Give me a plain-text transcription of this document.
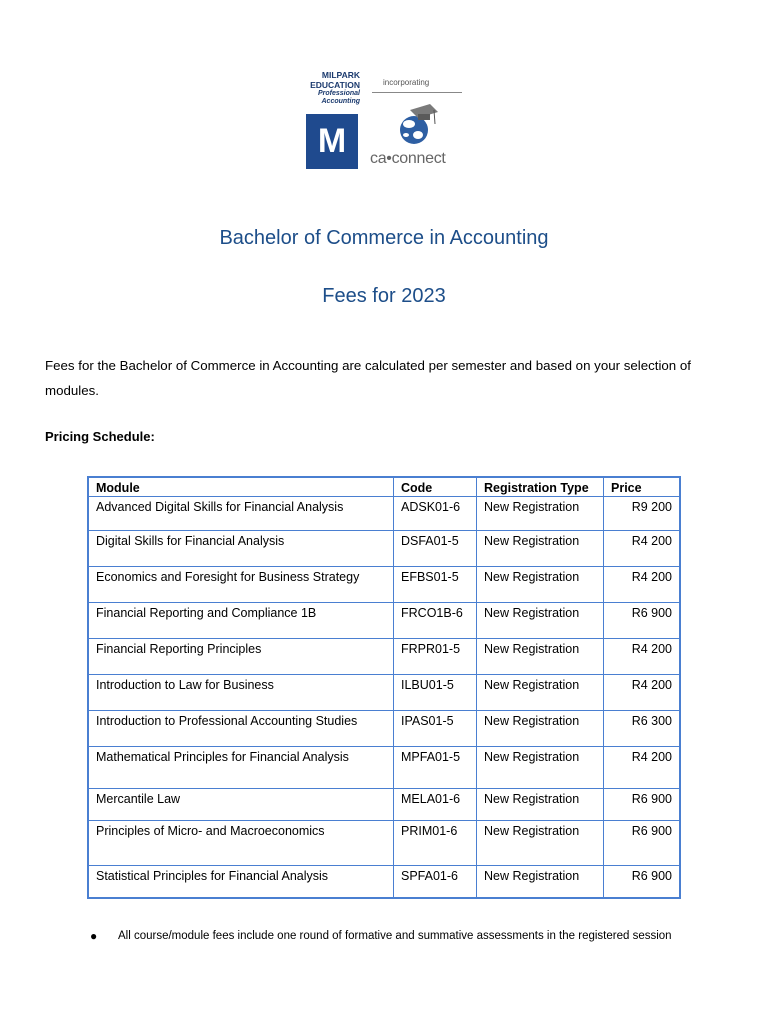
MILPARK
EDUCATION
Professional
Accounting
M
incorporating
ca•connect
Bachelor of Commerce in Accounting
Fees for 2023
Fees for the Bachelor of Commerce in Accounting are calculated per semester and based on your selection of modules.
Pricing Schedule:
Module	Code	Registration Type	Price
Advanced Digital Skills for Financial Analysis	ADSK01-6	New Registration	R9 200
Digital Skills for Financial Analysis	DSFA01-5	New Registration	R4 200
Economics and Foresight for Business Strategy	EFBS01-5	New Registration	R4 200
Financial Reporting and Compliance 1B	FRCO1B-6	New Registration	R6 900
Financial Reporting Principles	FRPR01-5	New Registration	R4 200
Introduction to Law for Business	ILBU01-5	New Registration	R4 200
Introduction to Professional Accounting Studies	IPAS01-5	New Registration	R6 300
Mathematical Principles for Financial Analysis	MPFA01-5	New Registration	R4 200
Mercantile Law	MELA01-6	New Registration	R6 900
Principles of Micro- and Macroeconomics	PRIM01-6	New Registration	R6 900
Statistical Principles for Financial Analysis	SPFA01-6	New Registration	R6 900
● All course/module fees include one round of formative and summative assessments in the registered session
